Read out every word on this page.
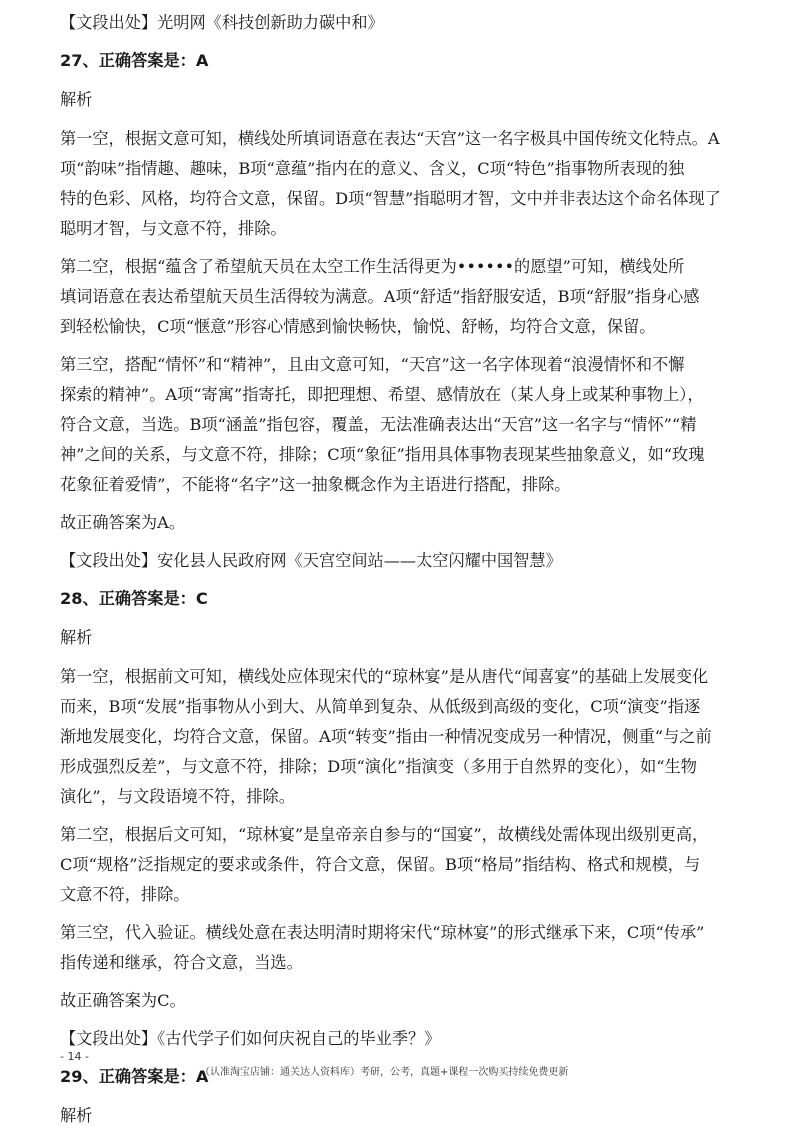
【文段出处】光明网《科技创新助力碳中和》
27、正确答案是：A
解析
第一空，根据文意可知，横线处所填词语意在表达“天宫”这一名字极具中国传统文化特点。A
项“韵味”指情趣、趣味，B项“意蕴”指内在的意义、含义，C项“特色”指事物所表现的独
特的色彩、风格，均符合文意，保留。D项“智慧”指聪明才智，文中并非表达这个命名体现了
聪明才智，与文意不符，排除。
第二空，根据“蕴含了希望航天员在太空工作生活得更为••••••的愿望”可知，横线处所
填词语意在表达希望航天员生活得较为满意。A项“舒适”指舒服安适，B项“舒服”指身心感
到轻松愉快，C项“惬意”形容心情感到愉快畅快，愉悦、舒畅，均符合文意，保留。
第三空，搭配“情怀”和“精神”，且由文意可知，“天宫”这一名字体现着“浪漫情怀和不懈
探索的精神”。A项“寄寓”指寄托，即把理想、希望、感情放在（某人身上或某种事物上），
符合文意，当选。B项“涵盖”指包容，覆盖，无法准确表达出“天宫”这一名字与“情怀”“精
神”之间的关系，与文意不符，排除；C项“象征”指用具体事物表现某些抽象意义，如“玫瑰
花象征着爱情”，不能将“名字”这一抽象概念作为主语进行搭配，排除。
故正确答案为A。
【文段出处】安化县人民政府网《天宫空间站——太空闪耀中国智慧》
28、正确答案是：C
解析
第一空，根据前文可知，横线处应体现宋代的“琼林宴”是从唐代“闻喜宴”的基础上发展变化
而来，B项“发展”指事物从小到大、从简单到复杂、从低级到高级的变化，C项“演变”指逐
渐地发展变化，均符合文意，保留。A项“转变”指由一种情况变成另一种情况，侧重“与之前
形成强烈反差”，与文意不符，排除；D项“演化”指演变（多用于自然界的变化），如“生物
演化”，与文段语境不符，排除。
第二空，根据后文可知，“琼林宴”是皇帝亲自参与的“国宴”，故横线处需体现出级别更高，
C项“规格”泛指规定的要求或条件，符合文意，保留。B项“格局”指结构、格式和规模，与
文意不符，排除。
第三空，代入验证。横线处意在表达明清时期将宋代“琼林宴”的形式继承下来，C项“传承”
指传递和继承，符合文意，当选。
故正确答案为C。
【文段出处】《古代学子们如何庆祝自己的毕业季？》
29、正确答案是：A
解析
- 14 -
（认准淘宝店铺：通关达人资料库）考研，公考，真题+课程一次购买持续免费更新
